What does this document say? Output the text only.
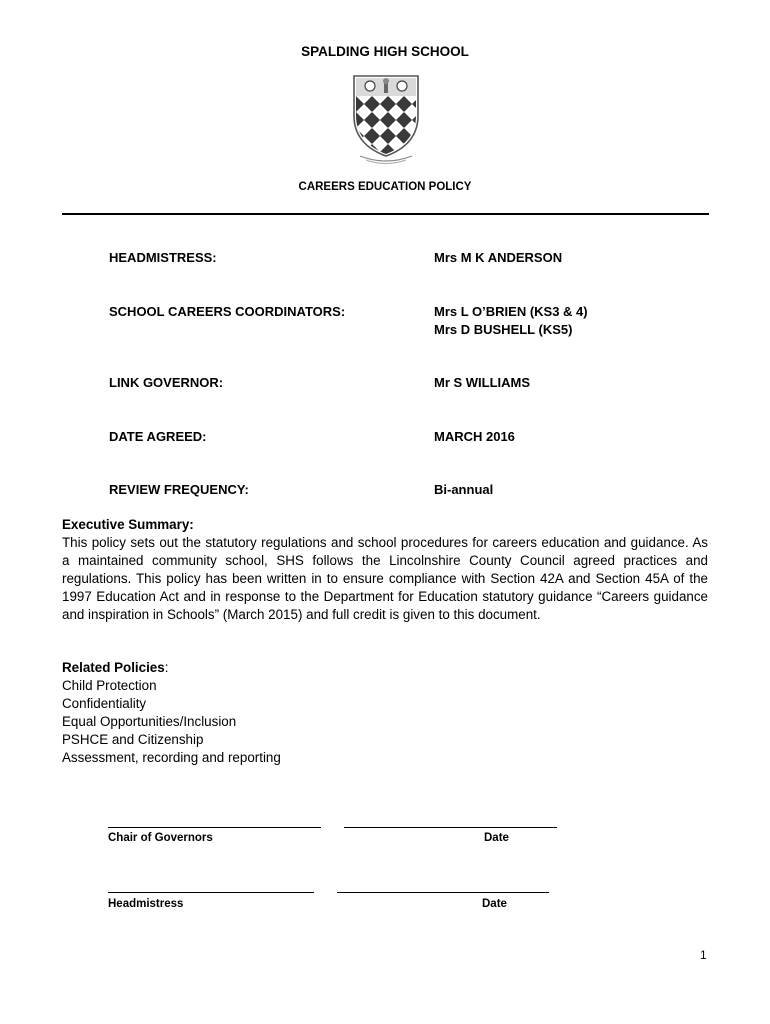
SPALDING HIGH SCHOOL
CAREERS EDUCATION POLICY
HEADMISTRESS:	Mrs M K ANDERSON
SCHOOL CAREERS COORDINATORS:	Mrs L O’BRIEN (KS3 & 4)
Mrs D BUSHELL (KS5)
LINK GOVERNOR:	Mr S WILLIAMS
DATE AGREED:	MARCH 2016
REVIEW FREQUENCY:	Bi-annual
Executive Summary:
This policy sets out the statutory regulations and school procedures for careers education and guidance. As a maintained community school, SHS follows the Lincolnshire County Council agreed practices and regulations. This policy has been written in to ensure compliance with Section 42A and Section 45A of the 1997 Education Act and in response to the Department for Education statutory guidance “Careers guidance and inspiration in Schools” (March 2015) and full credit is given to this document.
Related Policies:
Child Protection
Confidentiality
Equal Opportunities/Inclusion
PSHCE and Citizenship
Assessment, recording and reporting
Chair of Governors	Date
Headmistress	Date
1
